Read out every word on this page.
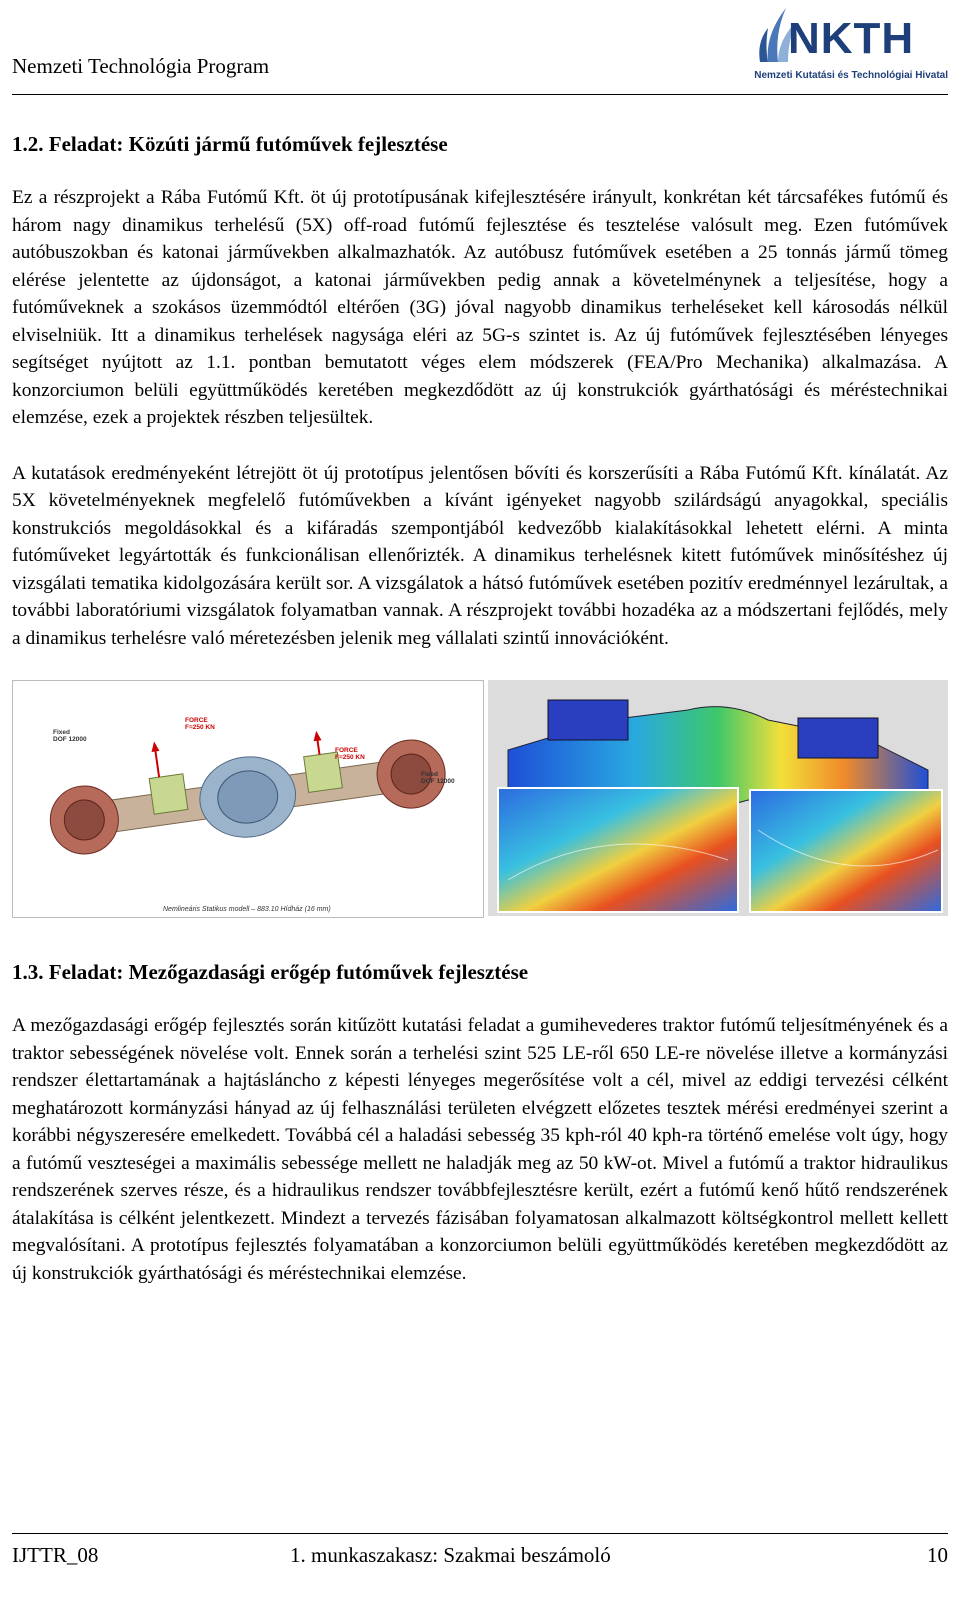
Nemzeti Technológia Program
NKTH
Nemzeti Kutatási és Technológiai Hivatal
1.2. Feladat: Közúti jármű futóművek fejlesztése

Ez a részprojekt a Rába Futómű Kft. öt új prototípusának kifejlesztésére irányult, konkrétan két tárcsafékes futómű és három nagy dinamikus terhelésű (5X) off-road futómű fejlesztése és tesztelése valósult meg. Ezen futóművek autóbuszokban és katonai járművekben alkalmazhatók. Az autóbusz futóművek esetében a 25 tonnás jármű tömeg elérése jelentette az újdonságot, a katonai járművekben pedig annak a követelménynek a teljesítése, hogy a futóműveknek a szokásos üzemmódtól eltérően (3G) jóval nagyobb dinamikus terheléseket kell károsodás nélkül elviselniük. Itt a dinamikus terhelések nagysága eléri az 5G-s szintet is. Az új futóművek fejlesztésében lényeges segítséget nyújtott az 1.1. pontban bemutatott véges elem módszerek (FEA/Pro Mechanika) alkalmazása. A konzorciumon belüli együttműködés keretében megkezdődött az új konstrukciók gyárthatósági és méréstechnikai elemzése, ezek a projektek részben teljesültek.

A kutatások eredményeként létrejött öt új prototípus jelentősen bővíti és korszerűsíti a Rába Futómű Kft. kínálatát. Az 5X követelményeknek megfelelő futóművekben a kívánt igényeket nagyobb szilárdságú anyagokkal, speciális konstrukciós megoldásokkal és a kifáradás szempontjából kedvezőbb kialakításokkal lehetett elérni. A minta futóműveket legyártották és funkcionálisan ellenőrizték. A dinamikus terhelésnek kitett futóművek minősítéshez új vizsgálati tematika kidolgozására került sor. A vizsgálatok a hátsó futóművek esetében pozitív eredménnyel lezárultak, a további laboratóriumi vizsgálatok folyamatban vannak. A részprojekt további hozadéka az a módszertani fejlődés, mely a dinamikus terhelésre való méretezésben jelenik meg vállalati szintű innovációként.

FORCE
F=250 KN
FORCE
F=250 KN
Fixed
DOF 12000
Fixed
DOF 12000
Nemlineáris Statikus modell – 883.10 Hídház (16 mm)
1.3. Feladat: Mezőgazdasági erőgép futóművek fejlesztése

A mezőgazdasági erőgép fejlesztés során kitűzött kutatási feladat a gumihevederes traktor futómű teljesítményének és a traktor sebességének növelése volt. Ennek során a terhelési szint 525 LE-ről 650 LE-re növelése illetve a kormányzási rendszer élettartamának a hajtásláncho z képesti lényeges megerősítése volt a cél, mivel az eddigi tervezési célként meghatározott kormányzási hányad az új felhasználási területen elvégzett előzetes tesztek mérési eredményei szerint a korábbi négyszeresére emelkedett. Továbbá cél a haladási sebesség 35 kph-ról 40 kph-ra történő emelése volt úgy, hogy a futómű veszteségei a maximális sebessége mellett ne haladják meg az 50 kW-ot. Mivel a futómű a traktor hidraulikus rendszerének szerves része, és a hidraulikus rendszer továbbfejlesztésre került, ezért a futómű kenő hűtő rendszerének átalakítása is célként jelentkezett. Mindezt a tervezés fázisában folyamatosan alkalmazott költségkontrol mellett kellett megvalósítani. A prototípus fejlesztés folyamatában a konzorciumon belüli együttműködés keretében megkezdődött az új konstrukciók gyárthatósági és méréstechnikai elemzése.

IJTTR_08	1. munkaszakasz: Szakmai beszámoló	10
